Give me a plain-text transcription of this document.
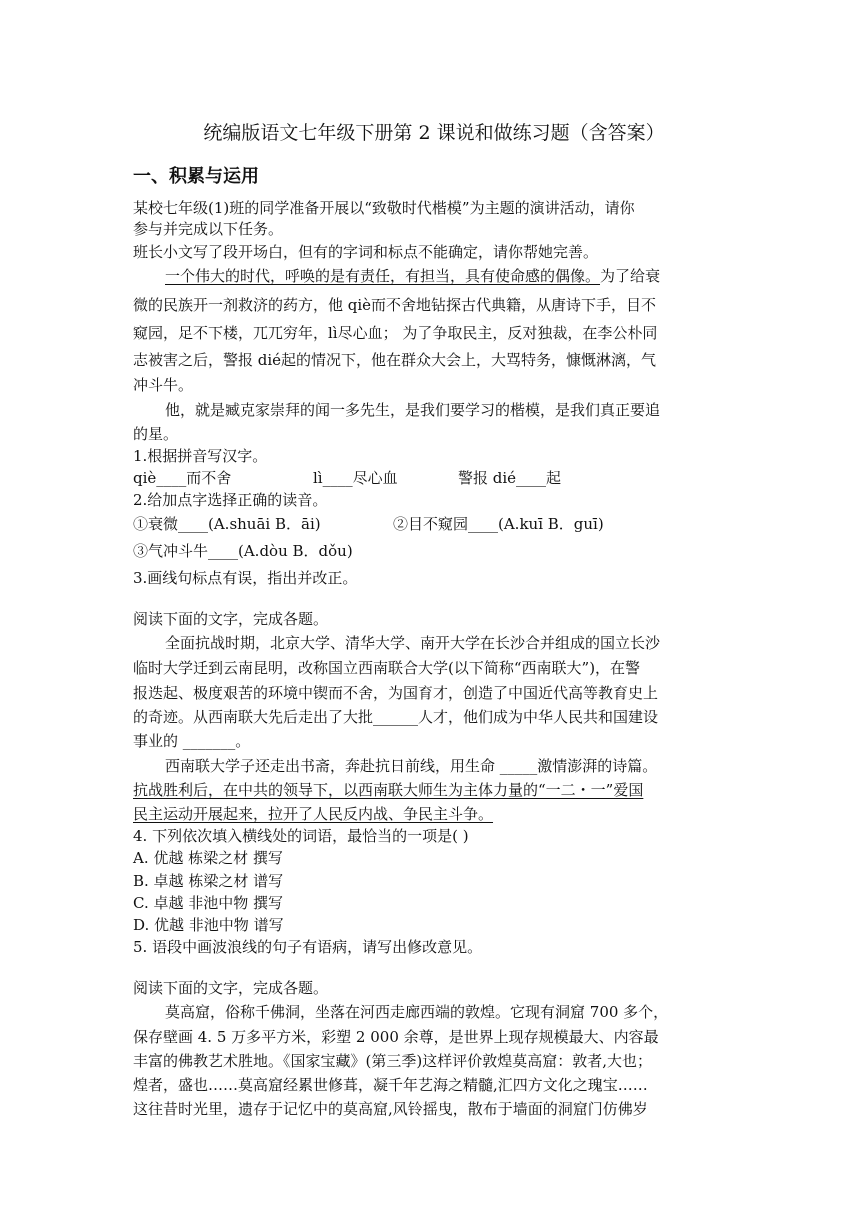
统编版语文七年级下册第 2 课说和做练习题（含答案）
一、积累与运用
某校七年级(1)班的同学准备开展以“致敬时代楷模”为主题的演讲活动，请你
参与并完成以下任务。
班长小文写了段开场白，但有的字词和标点不能确定，请你帮她完善。
一个伟大的时代，呼唤的是有责任，有担当，具有使命感的偶像。为了给衰
微的民族开一剂救济的药方，他 qiè而不舍地钻探古代典籍，从唐诗下手，目不
窥园，足不下楼，兀兀穷年，lì尽心血； 为了争取民主，反对独裁，在李公朴同
志被害之后，警报 dié起的情况下，他在群众大会上，大骂特务，慷慨淋漓，气
冲斗牛。
他，就是臧克家崇拜的闻一多先生，是我们要学习的楷模，是我们真正要追
的星。
1.根据拼音写汉字。
qiè____而不舍	lì____尽心血	警报 dié____起
2.给加点字选择正确的读音。
①衰微____(A.shuāi B．āi)	②目不窥园____(A.kuī B．guī)
③气冲斗牛____(A.dòu B．dǒu)
3.画线句标点有误，指出并改正。
阅读下面的文字，完成各题。
全面抗战时期，北京大学、清华大学、南开大学在长沙合并组成的国立长沙
临时大学迁到云南昆明，改称国立西南联合大学(以下简称“西南联大”)，在警
报迭起、极度艰苦的环境中锲而不舍，为国育才，创造了中国近代高等教育史上
的奇迹。从西南联大先后走出了大批______人才，他们成为中华人民共和国建设
事业的 _______。
西南联大学子还走出书斋，奔赴抗日前线，用生命 _____激情澎湃的诗篇。
抗战胜利后，在中共的领导下，以西南联大师生为主体力量的“一二・一”爱国
民主运动开展起来，拉开了人民反内战、争民主斗争。
4. 下列依次填入横线处的词语，最恰当的一项是( )
A. 优越 栋梁之材 撰写
B. 卓越 栋梁之材 谱写
C. 卓越 非池中物 撰写
D. 优越 非池中物 谱写
5. 语段中画波浪线的句子有语病，请写出修改意见。
阅读下面的文字，完成各题。
莫高窟，俗称千佛洞，坐落在河西走廊西端的敦煌。它现有洞窟 700 多个，
保存壁画 4. 5 万多平方米，彩塑 2 000 余尊，是世界上现存规模最大、内容最
丰富的佛教艺术胜地。《国家宝藏》(第三季)这样评价敦煌莫高窟：敦者,大也；
煌者，盛也……莫高窟经累世修葺，凝千年艺海之精髓,汇四方文化之瑰宝……
这往昔时光里，遗存于记忆中的莫高窟,风铃摇曳，散布于墙面的洞窟门仿佛岁
